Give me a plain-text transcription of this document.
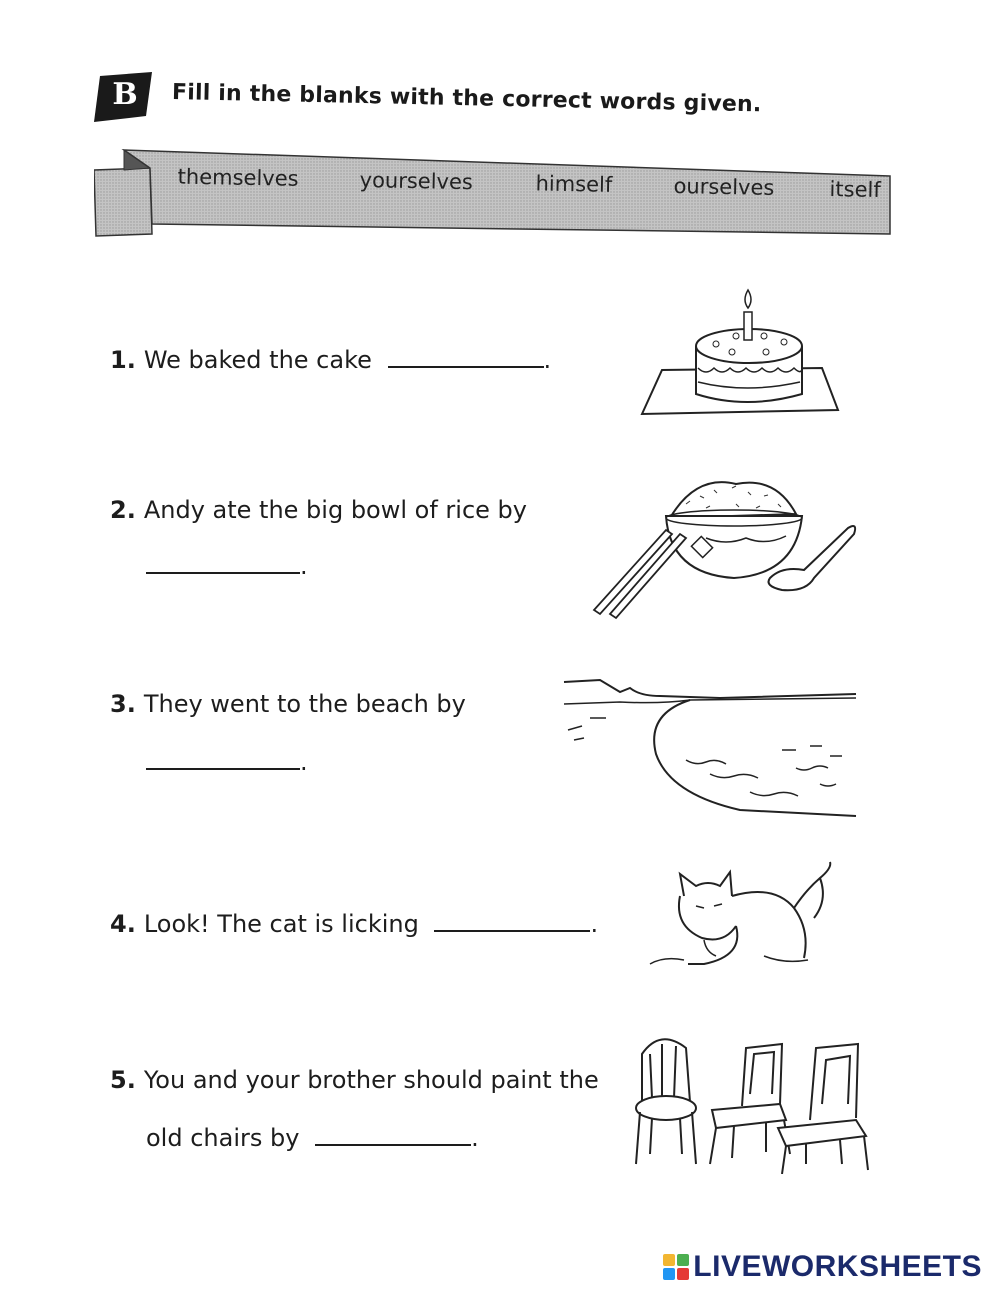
B	Fill in the blanks with the correct words given.
themselves	yourselves	himself	ourselves	itself
1. We baked the cake	.
2. Andy ate the big bowl of rice by
.
3. They went to the beach by
.
4. Look! The cat is licking	.
5. You and your brother should paint the
old chairs by	.
LIVEWORKSHEETS
